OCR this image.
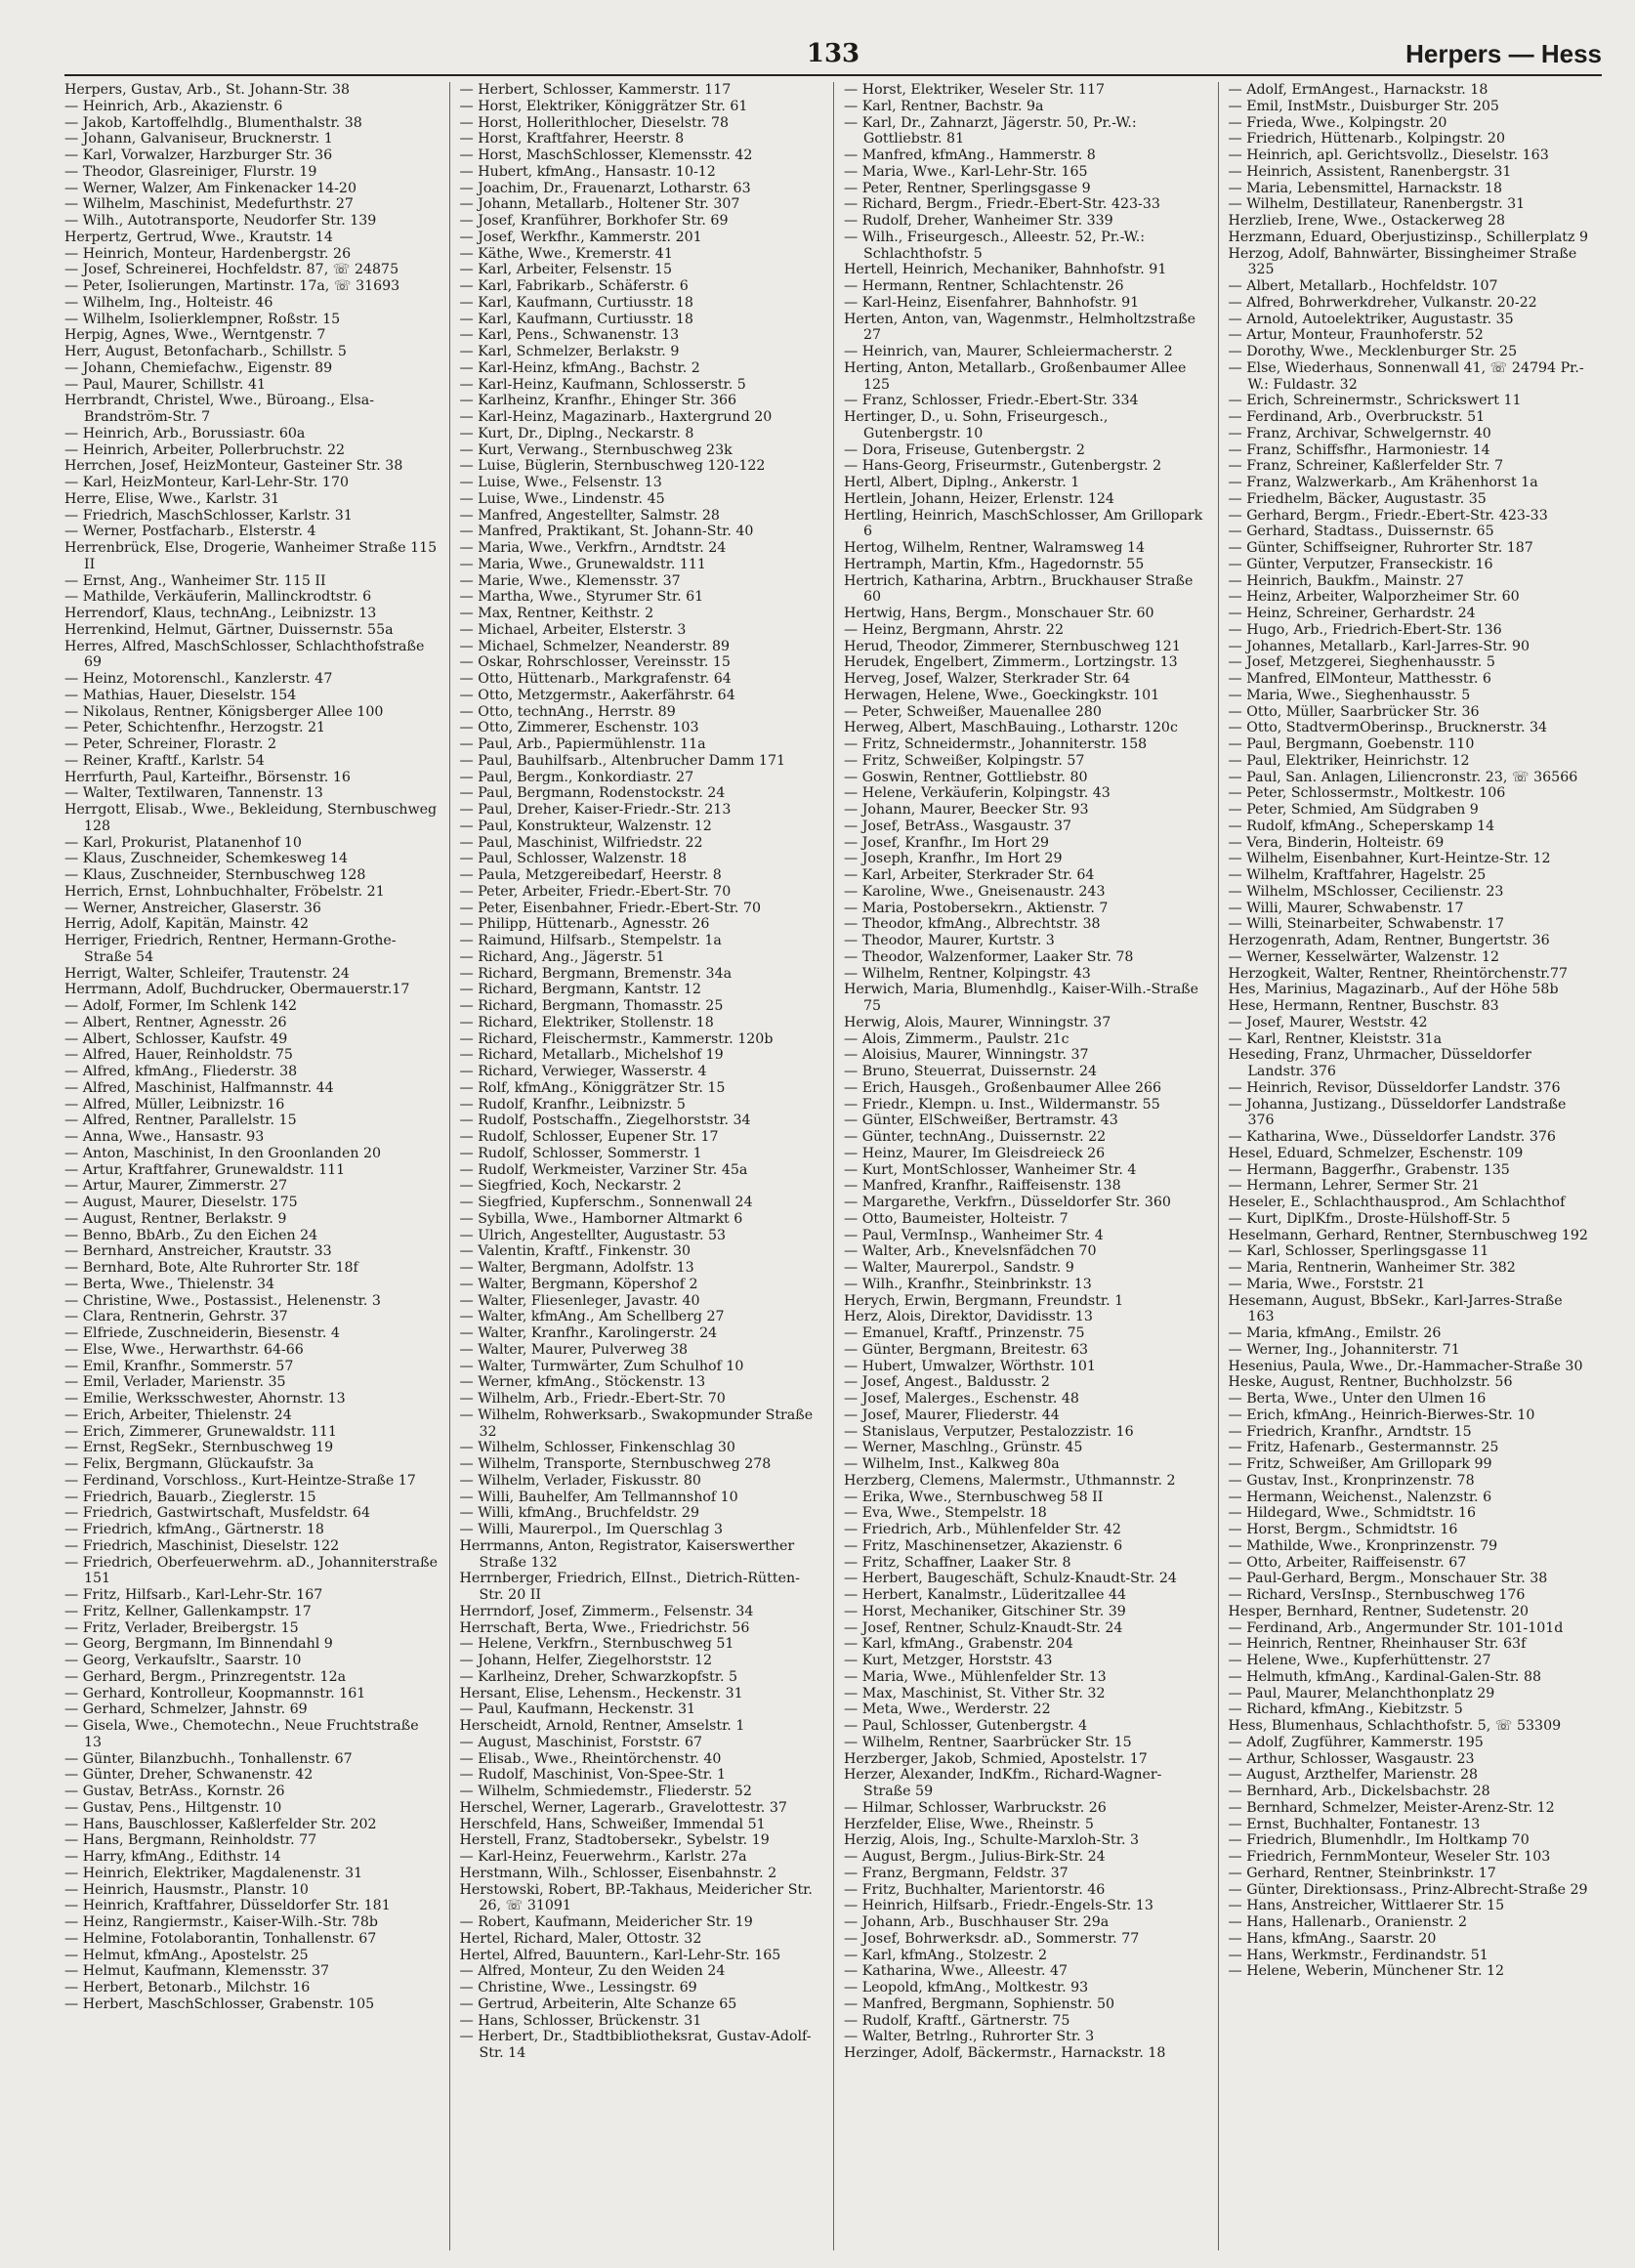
133	Herpers — Hess
Herpers, Gustav, Arb., St. Johann-Str. 38
— Heinrich, Arb., Akazienstr. 6
— Jakob, Kartoffelhdlg., Blumenthalstr. 38
— Johann, Galvaniseur, Brucknerstr. 1
— Karl, Vorwalzer, Harzburger Str. 36
— Theodor, Glasreiniger, Flurstr. 19
— Werner, Walzer, Am Finkenacker 14-20
— Wilhelm, Maschinist, Medefurthstr. 27
— Wilh., Autotransporte, Neudorfer Str. 139
Herpertz, Gertrud, Wwe., Krautstr. 14
— Heinrich, Monteur, Hardenbergstr. 26
— Josef, Schreinerei, Hochfeldstr. 87, ☏ 24875
— Peter, Isolierungen, Martinstr. 17a, ☏ 31693
— Wilhelm, Ing., Holteistr. 46
— Wilhelm, Isolierklempner, Roßstr. 15
Herpig, Agnes, Wwe., Werntgenstr. 7
Herr, August, Betonfacharb., Schillstr. 5
— Johann, Chemiefachw., Eigenstr. 89
— Paul, Maurer, Schillstr. 41
Herrbrandt, Christel, Wwe., Büroang., Elsa-Brandström-Str. 7
— Heinrich, Arb., Borussiastr. 60a
— Heinrich, Arbeiter, Pollerbruchstr. 22
Herrchen, Josef, HeizMonteur, Gasteiner Str. 38
— Karl, HeizMonteur, Karl-Lehr-Str. 170
Herre, Elise, Wwe., Karlstr. 31
— Friedrich, MaschSchlosser, Karlstr. 31
— Werner, Postfacharb., Elsterstr. 4
Herrenbrück, Else, Drogerie, Wanheimer Straße 115 II
— Ernst, Ang., Wanheimer Str. 115 II
— Mathilde, Verkäuferin, Mallinckrodtstr. 6
Herrendorf, Klaus, technAng., Leibnizstr. 13
Herrenkind, Helmut, Gärtner, Duissernstr. 55a
Herres, Alfred, MaschSchlosser, Schlachthofstraße 69
— Heinz, Motorenschl., Kanzlerstr. 47
— Mathias, Hauer, Dieselstr. 154
— Nikolaus, Rentner, Königsberger Allee 100
— Peter, Schichtenfhr., Herzogstr. 21
— Peter, Schreiner, Florastr. 2
— Reiner, Kraftf., Karlstr. 54
Herrfurth, Paul, Karteifhr., Börsenstr. 16
— Walter, Textilwaren, Tannenstr. 13
Herrgott, Elisab., Wwe., Bekleidung, Sternbuschweg 128
— Karl, Prokurist, Platanenhof 10
— Klaus, Zuschneider, Schemkesweg 14
— Klaus, Zuschneider, Sternbuschweg 128
Herrich, Ernst, Lohnbuchhalter, Fröbelstr. 21
— Werner, Anstreicher, Glaserstr. 36
Herrig, Adolf, Kapitän, Mainstr. 42
Herriger, Friedrich, Rentner, Hermann-Grothe-Straße 54
Herrigt, Walter, Schleifer, Trautenstr. 24
Herrmann, Adolf, Buchdrucker, Obermauerstr.17
— Adolf, Former, Im Schlenk 142
— Albert, Rentner, Agnesstr. 26
— Albert, Schlosser, Kaufstr. 49
— Alfred, Hauer, Reinholdstr. 75
— Alfred, kfmAng., Fliederstr. 38
— Alfred, Maschinist, Halfmannstr. 44
— Alfred, Müller, Leibnizstr. 16
— Alfred, Rentner, Parallelstr. 15
— Anna, Wwe., Hansastr. 93
— Anton, Maschinist, In den Groonlanden 20
— Artur, Kraftfahrer, Grunewaldstr. 111
— Artur, Maurer, Zimmerstr. 27
— August, Maurer, Dieselstr. 175
— August, Rentner, Berlakstr. 9
— Benno, BbArb., Zu den Eichen 24
— Bernhard, Anstreicher, Krautstr. 33
— Bernhard, Bote, Alte Ruhrorter Str. 18f
— Berta, Wwe., Thielenstr. 34
— Christine, Wwe., Postassist., Helenenstr. 3
— Clara, Rentnerin, Gehrstr. 37
— Elfriede, Zuschneiderin, Biesenstr. 4
— Else, Wwe., Herwarthstr. 64-66
— Emil, Kranfhr., Sommerstr. 57
— Emil, Verlader, Marienstr. 35
— Emilie, Werksschwester, Ahornstr. 13
— Erich, Arbeiter, Thielenstr. 24
— Erich, Zimmerer, Grunewaldstr. 111
— Ernst, RegSekr., Sternbuschweg 19
— Felix, Bergmann, Glückaufstr. 3a
— Ferdinand, Vorschloss., Kurt-Heintze-Straße 17
— Friedrich, Bauarb., Zieglerstr. 15
— Friedrich, Gastwirtschaft, Musfeldstr. 64
— Friedrich, kfmAng., Gärtnerstr. 18
— Friedrich, Maschinist, Dieselstr. 122
— Friedrich, Oberfeuerwehrm. aD., Johanniterstraße 151
— Fritz, Hilfsarb., Karl-Lehr-Str. 167
— Fritz, Kellner, Gallenkampstr. 17
— Fritz, Verlader, Breibergstr. 15
— Georg, Bergmann, Im Binnendahl 9
— Georg, Verkaufsltr., Saarstr. 10
— Gerhard, Bergm., Prinzregentstr. 12a
— Gerhard, Kontrolleur, Koopmannstr. 161
— Gerhard, Schmelzer, Jahnstr. 69
— Gisela, Wwe., Chemotechn., Neue Fruchtstraße 13
— Günter, Bilanzbuchh., Tonhallenstr. 67
— Günter, Dreher, Schwanenstr. 42
— Gustav, BetrAss., Kornstr. 26
— Gustav, Pens., Hiltgenstr. 10
— Hans, Bauschlosser, Kaßlerfelder Str. 202
— Hans, Bergmann, Reinholdstr. 77
— Harry, kfmAng., Edithstr. 14
— Heinrich, Elektriker, Magdalenenstr. 31
— Heinrich, Hausmstr., Planstr. 10
— Heinrich, Kraftfahrer, Düsseldorfer Str. 181
— Heinz, Rangiermstr., Kaiser-Wilh.-Str. 78b
— Helmine, Fotolaborantin, Tonhallenstr. 67
— Helmut, kfmAng., Apostelstr. 25
— Helmut, Kaufmann, Klemensstr. 37
— Herbert, Betonarb., Milchstr. 16
— Herbert, MaschSchlosser, Grabenstr. 105
— Herbert, Schlosser, Kammerstr. 117
— Horst, Elektriker, Königgrätzer Str. 61
— Horst, Hollerithlocher, Dieselstr. 78
— Horst, Kraftfahrer, Heerstr. 8
— Horst, MaschSchlosser, Klemensstr. 42
— Hubert, kfmAng., Hansastr. 10-12
— Joachim, Dr., Frauenarzt, Lotharstr. 63
— Johann, Metallarb., Holtener Str. 307
— Josef, Kranführer, Borkhofer Str. 69
— Josef, Werkfhr., Kammerstr. 201
— Käthe, Wwe., Kremerstr. 41
— Karl, Arbeiter, Felsenstr. 15
— Karl, Fabrikarb., Schäferstr. 6
— Karl, Kaufmann, Curtiusstr. 18
— Karl, Kaufmann, Curtiusstr. 18
— Karl, Pens., Schwanenstr. 13
— Karl, Schmelzer, Berlakstr. 9
— Karl-Heinz, kfmAng., Bachstr. 2
— Karl-Heinz, Kaufmann, Schlosserstr. 5
— Karlheinz, Kranfhr., Ehinger Str. 366
— Karl-Heinz, Magazinarb., Haxtergrund 20
— Kurt, Dr., Diplng., Neckarstr. 8
— Kurt, Verwang., Sternbuschweg 23k
— Luise, Büglerin, Sternbuschweg 120-122
— Luise, Wwe., Felsenstr. 13
— Luise, Wwe., Lindenstr. 45
— Manfred, Angestellter, Salmstr. 28
— Manfred, Praktikant, St. Johann-Str. 40
— Maria, Wwe., Verkfrn., Arndtstr. 24
— Maria, Wwe., Grunewaldstr. 111
— Marie, Wwe., Klemensstr. 37
— Martha, Wwe., Styrumer Str. 61
— Max, Rentner, Keithstr. 2
— Michael, Arbeiter, Elsterstr. 3
— Michael, Schmelzer, Neanderstr. 89
— Oskar, Rohrschlosser, Vereinsstr. 15
— Otto, Hüttenarb., Markgrafenstr. 64
— Otto, Metzgermstr., Aakerfährstr. 64
— Otto, technAng., Herrstr. 89
— Otto, Zimmerer, Eschenstr. 103
— Paul, Arb., Papiermühlenstr. 11a
— Paul, Bauhilfsarb., Altenbrucher Damm 171
— Paul, Bergm., Konkordiastr. 27
— Paul, Bergmann, Rodenstockstr. 24
— Paul, Dreher, Kaiser-Friedr.-Str. 213
— Paul, Konstrukteur, Walzenstr. 12
— Paul, Maschinist, Wilfriedstr. 22
— Paul, Schlosser, Walzenstr. 18
— Paula, Metzgereibedarf, Heerstr. 8
— Peter, Arbeiter, Friedr.-Ebert-Str. 70
— Peter, Eisenbahner, Friedr.-Ebert-Str. 70
— Philipp, Hüttenarb., Agnesstr. 26
— Raimund, Hilfsarb., Stempelstr. 1a
— Richard, Ang., Jägerstr. 51
— Richard, Bergmann, Bremenstr. 34a
— Richard, Bergmann, Kantstr. 12
— Richard, Bergmann, Thomasstr. 25
— Richard, Elektriker, Stollenstr. 18
— Richard, Fleischermstr., Kammerstr. 120b
— Richard, Metallarb., Michelshof 19
— Richard, Verwieger, Wasserstr. 4
— Rolf, kfmAng., Königgrätzer Str. 15
— Rudolf, Kranfhr., Leibnizstr. 5
— Rudolf, Postschaffn., Ziegelhorststr. 34
— Rudolf, Schlosser, Eupener Str. 17
— Rudolf, Schlosser, Sommerstr. 1
— Rudolf, Werkmeister, Varziner Str. 45a
— Siegfried, Koch, Neckarstr. 2
— Siegfried, Kupferschm., Sonnenwall 24
— Sybilla, Wwe., Hamborner Altmarkt 6
— Ulrich, Angestellter, Augustastr. 53
— Valentin, Kraftf., Finkenstr. 30
— Walter, Bergmann, Adolfstr. 13
— Walter, Bergmann, Köpershof 2
— Walter, Fliesenleger, Javastr. 40
— Walter, kfmAng., Am Schellberg 27
— Walter, Kranfhr., Karolingerstr. 24
— Walter, Maurer, Pulverweg 38
— Walter, Turmwärter, Zum Schulhof 10
— Werner, kfmAng., Stöckenstr. 13
— Wilhelm, Arb., Friedr.-Ebert-Str. 70
— Wilhelm, Rohwerksarb., Swakopmunder Straße 32
— Wilhelm, Schlosser, Finkenschlag 30
— Wilhelm, Transporte, Sternbuschweg 278
— Wilhelm, Verlader, Fiskusstr. 80
— Willi, Bauhelfer, Am Tellmannshof 10
— Willi, kfmAng., Bruchfeldstr. 29
— Willi, Maurerpol., Im Querschlag 3
Herrmanns, Anton, Registrator, Kaiserswerther Straße 132
Herrnberger, Friedrich, ElInst., Dietrich-Rütten-Str. 20 II
Herrndorf, Josef, Zimmerm., Felsenstr. 34
Herrschaft, Berta, Wwe., Friedrichstr. 56
— Helene, Verkfrn., Sternbuschweg 51
— Johann, Helfer, Ziegelhorststr. 12
— Karlheinz, Dreher, Schwarzkopfstr. 5
Hersant, Elise, Lehensm., Heckenstr. 31
— Paul, Kaufmann, Heckenstr. 31
Herscheidt, Arnold, Rentner, Amselstr. 1
— August, Maschinist, Forststr. 67
— Elisab., Wwe., Rheintörchenstr. 40
— Rudolf, Maschinist, Von-Spee-Str. 1
— Wilhelm, Schmiedemstr., Fliederstr. 52
Herschel, Werner, Lagerarb., Gravelottestr. 37
Herschfeld, Hans, Schweißer, Immendal 51
Herstell, Franz, Stadtobersekr., Sybelstr. 19
— Karl-Heinz, Feuerwehrm., Karlstr. 27a
Herstmann, Wilh., Schlosser, Eisenbahnstr. 2
Herstowski, Robert, BP.-Takhaus, Meidericher Str. 26, ☏ 31091
— Robert, Kaufmann, Meidericher Str. 19
Hertel, Richard, Maler, Ottostr. 32
Hertel, Alfred, Bauuntern., Karl-Lehr-Str. 165
— Alfred, Monteur, Zu den Weiden 24
— Christine, Wwe., Lessingstr. 69
— Gertrud, Arbeiterin, Alte Schanze 65
— Hans, Schlosser, Brückenstr. 31
— Herbert, Dr., Stadtbibliotheksrat, Gustav-Adolf-Str. 14
— Horst, Elektriker, Weseler Str. 117
— Karl, Rentner, Bachstr. 9a
— Karl, Dr., Zahnarzt, Jägerstr. 50, Pr.-W.: Gottliebstr. 81
— Manfred, kfmAng., Hammerstr. 8
— Maria, Wwe., Karl-Lehr-Str. 165
— Peter, Rentner, Sperlingsgasse 9
— Richard, Bergm., Friedr.-Ebert-Str. 423-33
— Rudolf, Dreher, Wanheimer Str. 339
— Wilh., Friseurgesch., Alleestr. 52, Pr.-W.: Schlachthofstr. 5
Hertell, Heinrich, Mechaniker, Bahnhofstr. 91
— Hermann, Rentner, Schlachtenstr. 26
— Karl-Heinz, Eisenfahrer, Bahnhofstr. 91
Herten, Anton, van, Wagenmstr., Helmholtzstraße 27
— Heinrich, van, Maurer, Schleiermacherstr. 2
Herting, Anton, Metallarb., Großenbaumer Allee 125
— Franz, Schlosser, Friedr.-Ebert-Str. 334
Hertinger, D., u. Sohn, Friseurgesch., Gutenbergstr. 10
— Dora, Friseuse, Gutenbergstr. 2
— Hans-Georg, Friseurmstr., Gutenbergstr. 2
Hertl, Albert, Diplng., Ankerstr. 1
Hertlein, Johann, Heizer, Erlenstr. 124
Hertling, Heinrich, MaschSchlosser, Am Grillopark 6
Hertog, Wilhelm, Rentner, Walramsweg 14
Hertramph, Martin, Kfm., Hagedornstr. 55
Hertrich, Katharina, Arbtrn., Bruckhauser Straße 60
Hertwig, Hans, Bergm., Monschauer Str. 60
— Heinz, Bergmann, Ahrstr. 22
Herud, Theodor, Zimmerer, Sternbuschweg 121
Herudek, Engelbert, Zimmerm., Lortzingstr. 13
Herveg, Josef, Walzer, Sterkrader Str. 64
Herwagen, Helene, Wwe., Goeckingkstr. 101
— Peter, Schweißer, Mauenallee 280
Herweg, Albert, MaschBauing., Lotharstr. 120c
— Fritz, Schneidermstr., Johanniterstr. 158
— Fritz, Schweißer, Kolpingstr. 57
— Goswin, Rentner, Gottliebstr. 80
— Helene, Verkäuferin, Kolpingstr. 43
— Johann, Maurer, Beecker Str. 93
— Josef, BetrAss., Wasgaustr. 37
— Josef, Kranfhr., Im Hort 29
— Joseph, Kranfhr., Im Hort 29
— Karl, Arbeiter, Sterkrader Str. 64
— Karoline, Wwe., Gneisenaustr. 243
— Maria, Postobersekrn., Aktienstr. 7
— Theodor, kfmAng., Albrechtstr. 38
— Theodor, Maurer, Kurtstr. 3
— Theodor, Walzenformer, Laaker Str. 78
— Wilhelm, Rentner, Kolpingstr. 43
Herwich, Maria, Blumenhdlg., Kaiser-Wilh.-Straße 75
Herwig, Alois, Maurer, Winningstr. 37
— Alois, Zimmerm., Paulstr. 21c
— Aloisius, Maurer, Winningstr. 37
— Bruno, Steuerrat, Duissernstr. 24
— Erich, Hausgeh., Großenbaumer Allee 266
— Friedr., Klempn. u. Inst., Wildermanstr. 55
— Günter, ElSchweißer, Bertramstr. 43
— Günter, technAng., Duissernstr. 22
— Heinz, Maurer, Im Gleisdreieck 26
— Kurt, MontSchlosser, Wanheimer Str. 4
— Manfred, Kranfhr., Raiffeisenstr. 138
— Margarethe, Verkfrn., Düsseldorfer Str. 360
— Otto, Baumeister, Holteistr. 7
— Paul, VermInsp., Wanheimer Str. 4
— Walter, Arb., Knevelsnfädchen 70
— Walter, Maurerpol., Sandstr. 9
— Wilh., Kranfhr., Steinbrinkstr. 13
Herych, Erwin, Bergmann, Freundstr. 1
Herz, Alois, Direktor, Davidisstr. 13
— Emanuel, Kraftf., Prinzenstr. 75
— Günter, Bergmann, Breitestr. 63
— Hubert, Umwalzer, Wörthstr. 101
— Josef, Angest., Baldusstr. 2
— Josef, Malerges., Eschenstr. 48
— Josef, Maurer, Fliederstr. 44
— Stanislaus, Verputzer, Pestalozzistr. 16
— Werner, Maschlng., Grünstr. 45
— Wilhelm, Inst., Kalkweg 80a
Herzberg, Clemens, Malermstr., Uthmannstr. 2
— Erika, Wwe., Sternbuschweg 58 II
— Eva, Wwe., Stempelstr. 18
— Friedrich, Arb., Mühlenfelder Str. 42
— Fritz, Maschinensetzer, Akazienstr. 6
— Fritz, Schaffner, Laaker Str. 8
— Herbert, Baugeschäft, Schulz-Knaudt-Str. 24
— Herbert, Kanalmstr., Lüderitzallee 44
— Horst, Mechaniker, Gitschiner Str. 39
— Josef, Rentner, Schulz-Knaudt-Str. 24
— Karl, kfmAng., Grabenstr. 204
— Kurt, Metzger, Horststr. 43
— Maria, Wwe., Mühlenfelder Str. 13
— Max, Maschinist, St. Vither Str. 32
— Meta, Wwe., Werderstr. 22
— Paul, Schlosser, Gutenbergstr. 4
— Wilhelm, Rentner, Saarbrücker Str. 15
Herzberger, Jakob, Schmied, Apostelstr. 17
Herzer, Alexander, IndKfm., Richard-Wagner-Straße 59
— Hilmar, Schlosser, Warbruckstr. 26
Herzfelder, Elise, Wwe., Rheinstr. 5
Herzig, Alois, Ing., Schulte-Marxloh-Str. 3
— August, Bergm., Julius-Birk-Str. 24
— Franz, Bergmann, Feldstr. 37
— Fritz, Buchhalter, Marientorstr. 46
— Heinrich, Hilfsarb., Friedr.-Engels-Str. 13
— Johann, Arb., Buschhauser Str. 29a
— Josef, Bohrwerksdr. aD., Sommerstr. 77
— Karl, kfmAng., Stolzestr. 2
— Katharina, Wwe., Alleestr. 47
— Leopold, kfmAng., Moltkestr. 93
— Manfred, Bergmann, Sophienstr. 50
— Rudolf, Kraftf., Gärtnerstr. 75
— Walter, Betrlng., Ruhrorter Str. 3
Herzinger, Adolf, Bäckermstr., Harnackstr. 18
— Adolf, ErmAngest., Harnackstr. 18
— Emil, InstMstr., Duisburger Str. 205
— Frieda, Wwe., Kolpingstr. 20
— Friedrich, Hüttenarb., Kolpingstr. 20
— Heinrich, apl. Gerichtsvollz., Dieselstr. 163
— Heinrich, Assistent, Ranenbergstr. 31
— Maria, Lebensmittel, Harnackstr. 18
— Wilhelm, Destillateur, Ranenbergstr. 31
Herzlieb, Irene, Wwe., Ostackerweg 28
Herzmann, Eduard, Oberjustizinsp., Schillerplatz 9
Herzog, Adolf, Bahnwärter, Bissingheimer Straße 325
— Albert, Metallarb., Hochfeldstr. 107
— Alfred, Bohrwerkdreher, Vulkanstr. 20-22
— Arnold, Autoelektriker, Augustastr. 35
— Artur, Monteur, Fraunhoferstr. 52
— Dorothy, Wwe., Mecklenburger Str. 25
— Else, Wiederhaus, Sonnenwall 41, ☏ 24794 Pr.-W.: Fuldastr. 32
— Erich, Schreinermstr., Schrickswert 11
— Ferdinand, Arb., Overbruckstr. 51
— Franz, Archivar, Schwelgernstr. 40
— Franz, Schiffsfhr., Harmoniestr. 14
— Franz, Schreiner, Kaßlerfelder Str. 7
— Franz, Walzwerkarb., Am Krähenhorst 1a
— Friedhelm, Bäcker, Augustastr. 35
— Gerhard, Bergm., Friedr.-Ebert-Str. 423-33
— Gerhard, Stadtass., Duissernstr. 65
— Günter, Schiffseigner, Ruhrorter Str. 187
— Günter, Verputzer, Franseckistr. 16
— Heinrich, Baukfm., Mainstr. 27
— Heinz, Arbeiter, Walporzheimer Str. 60
— Heinz, Schreiner, Gerhardstr. 24
— Hugo, Arb., Friedrich-Ebert-Str. 136
— Johannes, Metallarb., Karl-Jarres-Str. 90
— Josef, Metzgerei, Sieghenhausstr. 5
— Manfred, ElMonteur, Matthesstr. 6
— Maria, Wwe., Sieghenhausstr. 5
— Otto, Müller, Saarbrücker Str. 36
— Otto, StadtvermOberinsp., Brucknerstr. 34
— Paul, Bergmann, Goebenstr. 110
— Paul, Elektriker, Heinrichstr. 12
— Paul, San. Anlagen, Liliencronstr. 23, ☏ 36566
— Peter, Schlossermstr., Moltkestr. 106
— Peter, Schmied, Am Südgraben 9
— Rudolf, kfmAng., Scheperskamp 14
— Vera, Binderin, Holteistr. 69
— Wilhelm, Eisenbahner, Kurt-Heintze-Str. 12
— Wilhelm, Kraftfahrer, Hagelstr. 25
— Wilhelm, MSchlosser, Cecilienstr. 23
— Willi, Maurer, Schwabenstr. 17
— Willi, Steinarbeiter, Schwabenstr. 17
Herzogenrath, Adam, Rentner, Bungertstr. 36
— Werner, Kesselwärter, Walzenstr. 12
Herzogkeit, Walter, Rentner, Rheintörchenstr.77
Hes, Marinius, Magazinarb., Auf der Höhe 58b
Hese, Hermann, Rentner, Buschstr. 83
— Josef, Maurer, Weststr. 42
— Karl, Rentner, Kleiststr. 31a
Heseding, Franz, Uhrmacher, Düsseldorfer Landstr. 376
— Heinrich, Revisor, Düsseldorfer Landstr. 376
— Johanna, Justizang., Düsseldorfer Landstraße 376
— Katharina, Wwe., Düsseldorfer Landstr. 376
Hesel, Eduard, Schmelzer, Eschenstr. 109
— Hermann, Baggerfhr., Grabenstr. 135
— Hermann, Lehrer, Sermer Str. 21
Heseler, E., Schlachthausprod., Am Schlachthof
— Kurt, DiplKfm., Droste-Hülshoff-Str. 5
Heselmann, Gerhard, Rentner, Sternbuschweg 192
— Karl, Schlosser, Sperlingsgasse 11
— Maria, Rentnerin, Wanheimer Str. 382
— Maria, Wwe., Forststr. 21
Hesemann, August, BbSekr., Karl-Jarres-Straße 163
— Maria, kfmAng., Emilstr. 26
— Werner, Ing., Johanniterstr. 71
Hesenius, Paula, Wwe., Dr.-Hammacher-Straße 30
Heske, August, Rentner, Buchholzstr. 56
— Berta, Wwe., Unter den Ulmen 16
— Erich, kfmAng., Heinrich-Bierwes-Str. 10
— Friedrich, Kranfhr., Arndtstr. 15
— Fritz, Hafenarb., Gestermannstr. 25
— Fritz, Schweißer, Am Grillopark 99
— Gustav, Inst., Kronprinzenstr. 78
— Hermann, Weichenst., Nalenzstr. 6
— Hildegard, Wwe., Schmidtstr. 16
— Horst, Bergm., Schmidtstr. 16
— Mathilde, Wwe., Kronprinzenstr. 79
— Otto, Arbeiter, Raiffeisenstr. 67
— Paul-Gerhard, Bergm., Monschauer Str. 38
— Richard, VersInsp., Sternbuschweg 176
Hesper, Bernhard, Rentner, Sudetenstr. 20
— Ferdinand, Arb., Angermunder Str. 101-101d
— Heinrich, Rentner, Rheinhauser Str. 63f
— Helene, Wwe., Kupferhüttenstr. 27
— Helmuth, kfmAng., Kardinal-Galen-Str. 88
— Paul, Maurer, Melanchthonplatz 29
— Richard, kfmAng., Kiebitzstr. 5
Hess, Blumenhaus, Schlachthofstr. 5, ☏ 53309
— Adolf, Zugführer, Kammerstr. 195
— Arthur, Schlosser, Wasgaustr. 23
— August, Arzthelfer, Marienstr. 28
— Bernhard, Arb., Dickelsbachstr. 28
— Bernhard, Schmelzer, Meister-Arenz-Str. 12
— Ernst, Buchhalter, Fontanestr. 13
— Friedrich, Blumenhdlr., Im Holtkamp 70
— Friedrich, FernmMonteur, Weseler Str. 103
— Gerhard, Rentner, Steinbrinkstr. 17
— Günter, Direktionsass., Prinz-Albrecht-Straße 29
— Hans, Anstreicher, Wittlaerer Str. 15
— Hans, Hallenarb., Oranienstr. 2
— Hans, kfmAng., Saarstr. 20
— Hans, Werkmstr., Ferdinandstr. 51
— Helene, Weberin, Münchener Str. 12
